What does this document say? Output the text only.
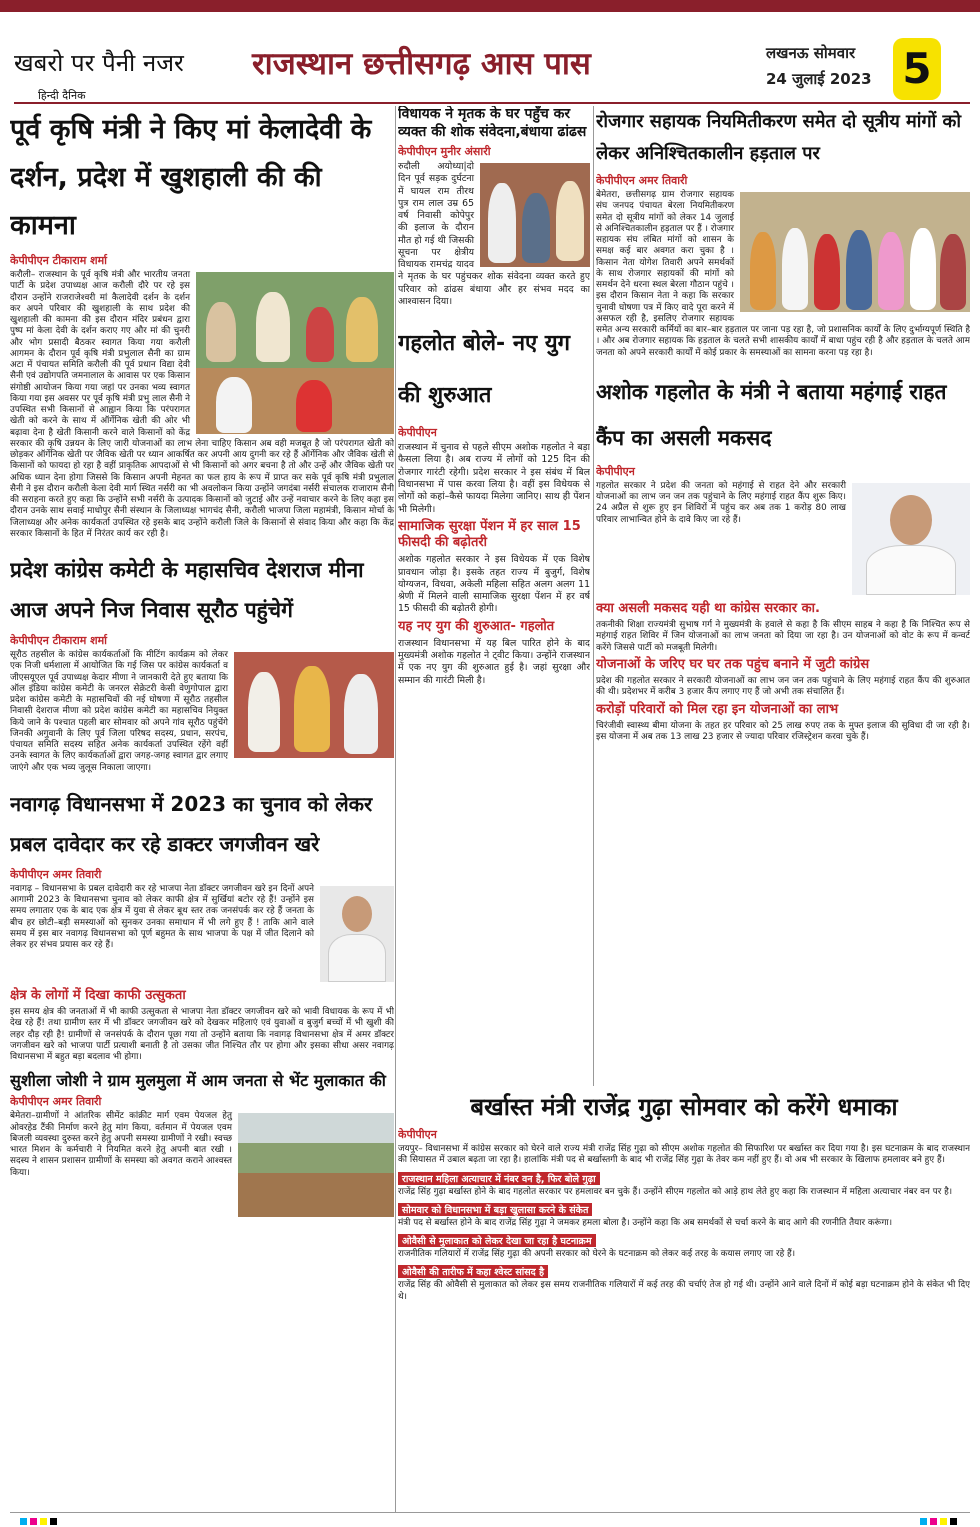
खबरो पर पैनी नजर
हिन्दी दैनिक
राजस्थान छत्तीसगढ़ आस पास	लखनऊ सोमवार
24 जुलाई 2023 5
पूर्व कृषि मंत्री ने किए मां केलादेवी के दर्शन, प्रदेश में खुशहाली की की कामना
केपीपीएन टीकाराम शर्मा
करौली– राजस्थान के पूर्व कृषि मंत्री और भारतीय जनता पार्टी के प्रदेश उपाध्यक्ष आज करौली दौरे पर रहे इस दौरान उन्होंने राजराजेश्वरी मां कैलादेवी दर्शन के दर्शन कर अपने परिवार की खुशहाली के साथ प्रदेश की खुशहाली की कामना की इस दौरान मंदिर प्रबंधन द्वारा पुष्प मां केला देवी के दर्शन कराए गए और मां की चुनरी और भोग प्रसादी बैठकर स्वागत किया गया करौली आगमन के दौरान पूर्व कृषि मंत्री प्रभुलाल सैनी का ग्राम अटा में पंचायत समिति करौली की पूर्व प्रधान विद्या देवी सैनी एवं उद्योगपति जमनालाल के आवास पर एक किसान संगोष्ठी आयोजन किया गया जहां पर उनका भव्य स्वागत किया गया इस अवसर पर पूर्व कृषि मंत्री प्रभु लाल सैनी ने उपस्थित सभी किसानों से आह्वान किया कि परंपरागत खेती को करने के साथ में ऑर्गेनिक खेती की ओर भी बढ़ावा देना है खेती किसानी करने वाले किसानों को केंद्र सरकार की कृषि उन्नयन के लिए जारी योजनाओं का लाभ लेना चाहिए किसान अब वही मजबूत है जो परंपरागत खेती को छोड़कर ऑर्गेनिक खेती पर जैविक खेती पर ध्यान आकर्षित कर अपनी आय दुगनी कर रहे हैं ऑर्गेनिक और जैविक खेती से किसानों को फायदा हो रहा है वहीं प्राकृतिक आपदाओं से भी किसानों को अगर बचना है तो और उन्हें और जैविक खेती पर अधिक ध्यान देना होगा जिससे कि किसान अपनी मेहनत का फल हाय के रूप में प्राप्त कर सके पूर्व कृषि मंत्री प्रभुलाल सैनी ने इस दौरान करौली केला देवी मार्ग स्थित नर्सरी का भी अवलोकन किया उन्होंने जगदंबा नर्सरी संचालक राजाराम सैनी की सराहना करते हुए कहा कि उन्होंने सभी नर्सरी के उत्पादक किसानों को जुटाई और उन्हें नवाचार करने के लिए कहा इस दौरान उनके साथ सवाई माधोपुर सैनी संस्थान के जिलाध्यक्ष भागचंद सैनी, करौली भाजपा जिला महामंत्री, किसान मोर्चा के जिलाध्यक्ष और अनेक कार्यकर्ता उपस्थित रहे इसके बाद उन्होंने करौली जिले के किसानों से संवाद किया और कहा कि केंद्र सरकार किसानों के हित में निरंतर कार्य कर रही है।
प्रदेश कांग्रेस कमेटी के महासचिव देशराज मीना आज अपने निज निवास सूरौठ पहुंचेगें
केपीपीएन टीकाराम शर्मा
सूरौठ तहसील के कांग्रेस कार्यकर्ताओं कि मीटिंग कार्यक्रम को लेकर एक निजी धर्मशाला में आयोजित कि गई जिस पर कांग्रेस कार्यकर्ता व जीएसयूएल पूर्व उपाध्यक्ष केदार मीणा ने जानकारी देते हुए बताया कि ऑल इंडिया कांग्रेस कमेटी के जनरल सेक्रेटरी केसी वेणुगोपाल द्वारा प्रदेश कांग्रेस कमेटी के महासचिवों की नई घोषणा में सूरौठ तहसील निवासी देशराज मीणा को प्रदेश कांग्रेस कमेटी का महासचिव नियुक्त किये जाने के पश्चात पहली बार सोमवार को अपने गांव सूरौठ पहुंचेंगे जिनकी अगुवानी के लिए पूर्व जिला परिषद सदस्य, प्रधान, सरपंच, पंचायत समिति सदस्य सहित अनेक कार्यकर्ता उपस्थित रहेंगे वहीं उनके स्वागत के लिए कार्यकर्ताओं द्वारा जगह-जगह स्वागत द्वार लगाए जाएंगे और एक भव्य जुलूस निकाला जाएगा।
नवागढ़ विधानसभा में 2023 का चुनाव को लेकर प्रबल दावेदार कर रहे डाक्टर जगजीवन खरे
केपीपीएन अमर तिवारी
नवागढ़ – विधानसभा के प्रबल दावेदारी कर रहे भाजपा नेता डॉक्टर जगजीवन खरे इन दिनों अपने आगामी 2023 के विधानसभा चुनाव को लेकर काफी क्षेत्र में सुर्खियां बटोर रहे हैं! उन्होंने इस समय लगातार एक के बाद एक क्षेत्र में युवा से लेकर बूथ स्तर तक जनसंपर्क कर रहे हैं जनता के बीच हर छोटी–बड़ी समस्याओं को सुनकर उनका समाधान में भी लगे हुए हैं ! ताकि आने वाले समय में इस बार नवागढ़ विधानसभा को पूर्ण बहुमत के साथ भाजपा के पक्ष में जीत दिलाने को लेकर हर संभव प्रयास कर रहे हैं।
क्षेत्र के लोगों में दिखा काफी उत्सुकता
इस समय क्षेत्र की जनताओं में भी काफी उत्सुकता से भाजपा नेता डॉक्टर जगजीवन खरे को भावी विधायक के रूप में भी देख रहे हैं! तथा ग्रामीण स्तर में भी डॉक्टर जगजीवन खरे को देखकर महिलाएं एवं युवाओं व बुजुर्ग बच्चों में भी खुशी की लहर दौड़ रही है! ग्रामीणों से जनसंपर्क के दौरान पूछा गया तो उन्होंने बताया कि नवागढ़ विधानसभा क्षेत्र में अमर डॉक्टर जगजीवन खरे को भाजपा पार्टी प्रत्याशी बनाती है तो उसका जीत निश्चित तौर पर होगा और इसका सीधा असर नवागढ़ विधानसभा में बहुत बड़ा बदलाव भी होगा।
सुशीला जोशी ने ग्राम मुलमुला में आम जनता से भेंट मुलाकात की
केपीपीएन अमर तिवारी
बेमेतरा–ग्रामीणों ने आंतरिक सीमेंट कांक्रीट मार्ग एवम पेयजल हेतु ओवरहेड टैंकी निर्माण करने हेतु मांग किया, वर्तमान में पेयजल एवम बिजली व्यवस्था दुरुस्त करने हेतु अपनी समस्या ग्रामीणों ने रखी। स्वच्छ भारत मिशन के कर्मचारी ने नियमित करने हेतु अपनी बात रखी । सदस्य ने शासन प्रशासन ग्रामीणों के समस्या को अवगत कराने आश्वस्त किया।
विधायक ने मृतक के घर पहुँच कर व्यक्त की शोक संवेदना,बंधाया ढांढस
केपीपीएन मुनीर अंसारी
रुदौली अयोध्या|दो दिन पूर्व सड़क दुर्घटना में घायल राम तीरथ पुत्र राम लाल उम्र 65 वर्ष निवासी कोपेपुर की इलाज के दौरान मौत हो गई थी जिसकी सूचना पर क्षेत्रीय विधायक रामचंद्र यादव ने मृतक के घर पहुंचकर शोक संवेदना व्यक्त करते हुए परिवार को ढांढस बंधाया और हर संभव मदद का आश्वासन दिया।
गहलोत बोले- नए युग की शुरुआत
केपीपीएन
राजस्थान में चुनाव से पहले सीएम अशोक गहलोत ने बड़ा फैसला लिया है। अब राज्य में लोगों को 125 दिन की रोजगार गारंटी रहेगी। प्रदेश सरकार ने इस संबंध में बिल विधानसभा में पास करवा लिया है। वहीं इस विधेयक से लोगों को कहां–कैसे फायदा मिलेगा जानिए। साथ ही पेंशन भी मिलेगी।
सामाजिक सुरक्षा पेंशन में हर साल 15 फीसदी की बढ़ोतरी
अशोक गहलोत सरकार ने इस विधेयक में एक विशेष प्रावधान जोड़ा है। इसके तहत राज्य में बुजुर्ग, विशेष योग्यजन, विधवा, अकेली महिला सहित अलग अलग 11 श्रेणी में मिलने वाली सामाजिक सुरक्षा पेंशन में हर वर्ष 15 फीसदी की बढ़ोतरी होगी।
यह नए युग की शुरुआत- गहलोत
राजस्थान विधानसभा में यह बिल पारित होने के बाद मुख्यमंत्री अशोक गहलोत ने ट्वीट किया। उन्होंने राजस्थान में एक नए युग की शुरुआत हुई है। जहां सुरक्षा और सम्मान की गारंटी मिली है।
रोजगार सहायक नियमितीकरण समेत दो सूत्रीय मांगों को लेकर अनिश्चितकालीन हड़ताल पर
केपीपीएन अमर तिवारी
बेमेतरा, छत्तीसगढ़ ग्राम रोजगार सहायक संघ जनपद पंचायत बेरला नियमितीकरण समेत दो सूत्रीय मांगों को लेकर 14 जुलाई से अनिश्चितकालीन हड़ताल पर हैं । रोजगार सहायक संघ लंबित मांगों को शासन के समक्ष कई बार अवगत करा चुका है । किसान नेता योगेश तिवारी अपने समर्थकों के साथ रोजगार सहायकों की मांगों को समर्थन देने धरना स्थल बेरला गौठान पहुंचे । इस दौरान किसान नेता ने कहा कि सरकार चुनावी घोषणा पत्र में किए वादे पूरा करने में असफल रही है, इसलिए रोजगार सहायक समेत अन्य सरकारी कर्मियों का बार–बार हड़ताल पर जाना पड़ रहा है, जो प्रशासनिक कार्यों के लिए दुर्भाग्यपूर्ण स्थिति है । और अब रोजगार सहायक कि हड़ताल के चलते सभी शासकीय कार्यों में बाधा पहुंच रही है और हड़ताल के चलते आम जनता को अपने सरकारी कार्यों में कोई प्रकार के समस्याओं का सामना करना पड़ रहा है।
अशोक गहलोत के मंत्री ने बताया महंगाई राहत कैंप का असली मकसद
केपीपीएन
गहलोत सरकार ने प्रदेश की जनता को महंगाई से राहत देने और सरकारी योजनाओं का लाभ जन जन तक पहुंचाने के लिए महंगाई राहत कैंप शुरू किए। 24 अप्रैल से शुरू हुए इन शिविरों में पहुंच कर अब तक 1 करोड़ 80 लाख परिवार लाभान्वित होने के दावे किए जा रहे हैं।
क्या असली मकसद यही था कांग्रेस सरकार का.
तकनीकी शिक्षा राज्यमंत्री सुभाष गर्ग ने मुख्यमंत्री के हवाले से कहा है कि सीएम साहब ने कहा है कि निश्चित रूप से महंगाई राहत शिविर में जिन योजनाओं का लाभ जनता को दिया जा रहा है। उन योजनाओं को वोट के रूप में कन्वर्ट करेंगे जिससे पार्टी को मजबूती मिलेगी।
योजनाओं के जरिए घर घर तक पहुंच बनाने में जुटी कांग्रेस
प्रदेश की गहलोत सरकार ने सरकारी योजनाओं का लाभ जन जन तक पहुंचाने के लिए महंगाई राहत कैंप की शुरुआत की थी। प्रदेशभर में करीब 3 हजार कैंप लगाए गए हैं जो अभी तक संचालित हैं।
करोड़ों परिवारों को मिल रहा इन योजनाओं का लाभ
चिरंजीवी स्वास्थ्य बीमा योजना के तहत हर परिवार को 25 लाख रुपए तक के मुफ्त इलाज की सुविधा दी जा रही है। इस योजना में अब तक 13 लाख 23 हजार से ज्यादा परिवार रजिस्ट्रेशन करवा चुके हैं।
बर्खास्त मंत्री राजेंद्र गुढ़ा सोमवार को करेंगे धमाका
केपीपीएन
जयपुर– विधानसभा में कांग्रेस सरकार को घेरने वाले राज्य मंत्री राजेंद्र सिंह गुढ़ा को सीएम अशोक गहलोत की सिफारिश पर बर्खास्त कर दिया गया है। इस घटनाक्रम के बाद राजस्थान की सियासत में उबाल बढ़ता जा रहा है। हालांकि मंत्री पद से बर्खास्तगी के बाद भी राजेंद्र सिंह गुढ़ा के तेवर कम नहीं हुए हैं। वो अब भी सरकार के खिलाफ हमलावर बने हुए हैं।
राजस्थान महिला अत्याचार में नंबर वन है, फिर बोले गुढ़ा
राजेंद्र सिंह गुढ़ा बर्खास्त होने के बाद गहलोत सरकार पर हमलावर बन चुके हैं। उन्होंने सीएम गहलोत को आड़े हाथ लेते हुए कहा कि राजस्थान में महिला अत्याचार नंबर वन पर है।
सोमवार को विधानसभा में बड़ा खुलासा करने के संकेत
मंत्री पद से बर्खास्त होने के बाद राजेंद्र सिंह गुढ़ा ने जमकर हमला बोला है। उन्होंने कहा कि अब समर्थकों से चर्चा करने के बाद आगे की रणनीति तैयार करूंगा।
ओवैसी से मुलाकात को लेकर देखा जा रहा है घटनाक्रम
राजनीतिक गलियारों में राजेंद्र सिंह गुढ़ा की अपनी सरकार को घेरने के घटनाक्रम को लेकर कई तरह के कयास लगाए जा रहे हैं।
ओवैसी की तारीफ में कहा श्वेस्ट सांसद है
राजेंद्र सिंह की ओवैसी से मुलाकात को लेकर इस समय राजनीतिक गलियारों में कई तरह की चर्चाएं तेज हो गई थी। उन्होंने आने वाले दिनों में कोई बड़ा घटनाक्रम होने के संकेत भी दिए थे।
